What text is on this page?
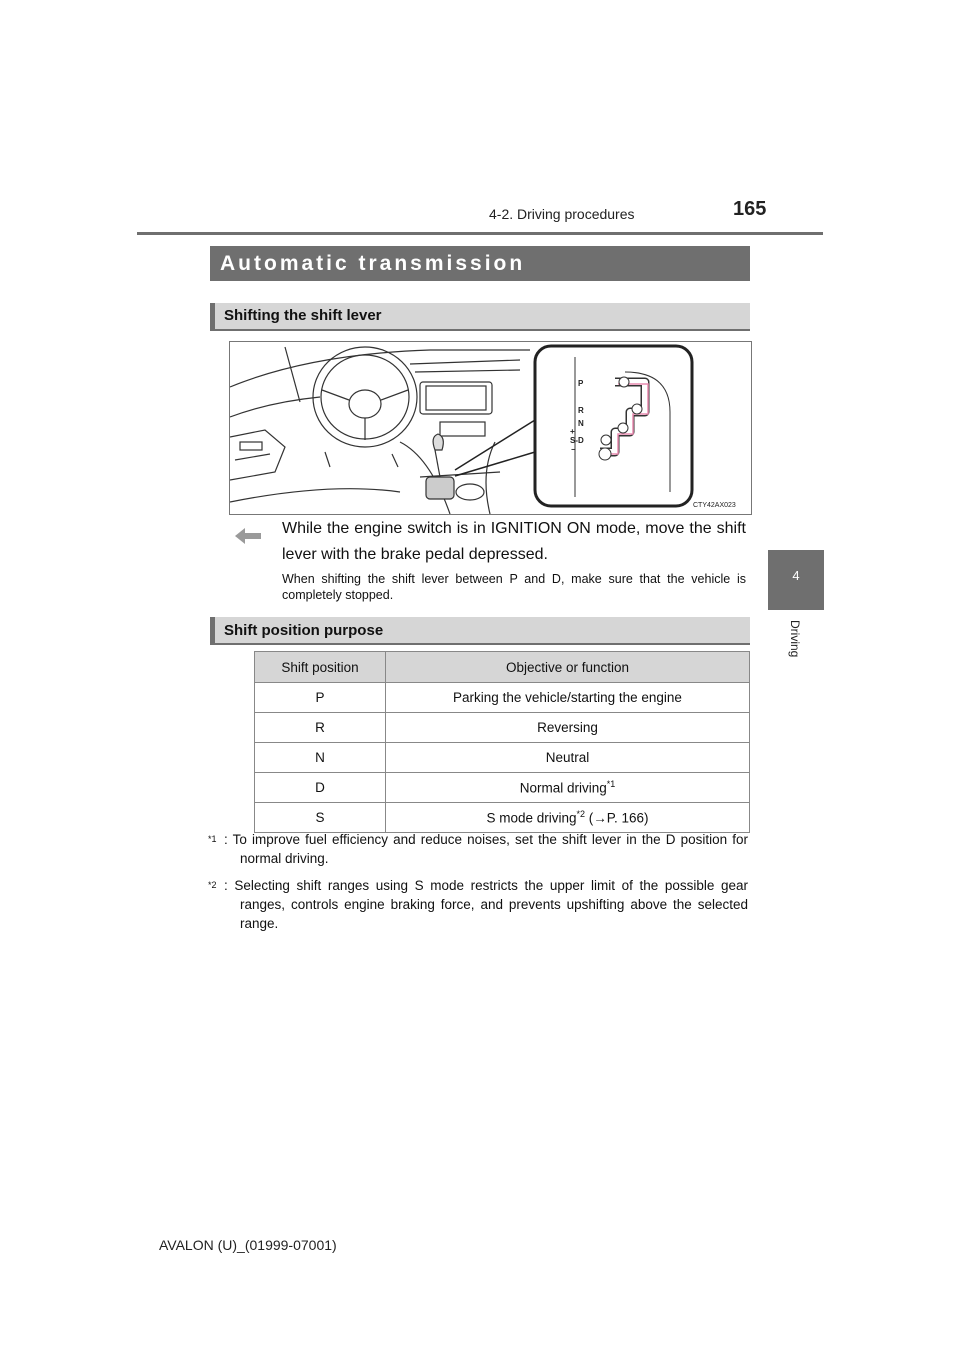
4-2. Driving procedures	165
4
Driving
Automatic transmission
Shifting the shift lever
P
R
N
+
S-D
−
CTY42AX023
While the engine switch is in IGNITION ON mode, move the shift lever with the brake pedal depressed.
When shifting the shift lever between P and D, make sure that the vehicle is completely stopped.
Shift position purpose
Shift position	Objective or function
P	Parking the vehicle/starting the engine
R	Reversing
N	Neutral
D	Normal driving$^{*1}$
S	S mode driving$^{*2}$ (→P. 166)
*1 : To improve fuel efficiency and reduce noises, set the shift lever in the D position for normal driving.
*2 : Selecting shift ranges using S mode restricts the upper limit of the possible gear ranges, controls engine braking force, and prevents upshifting above the selected range.
AVALON (U)_(01999-07001)
